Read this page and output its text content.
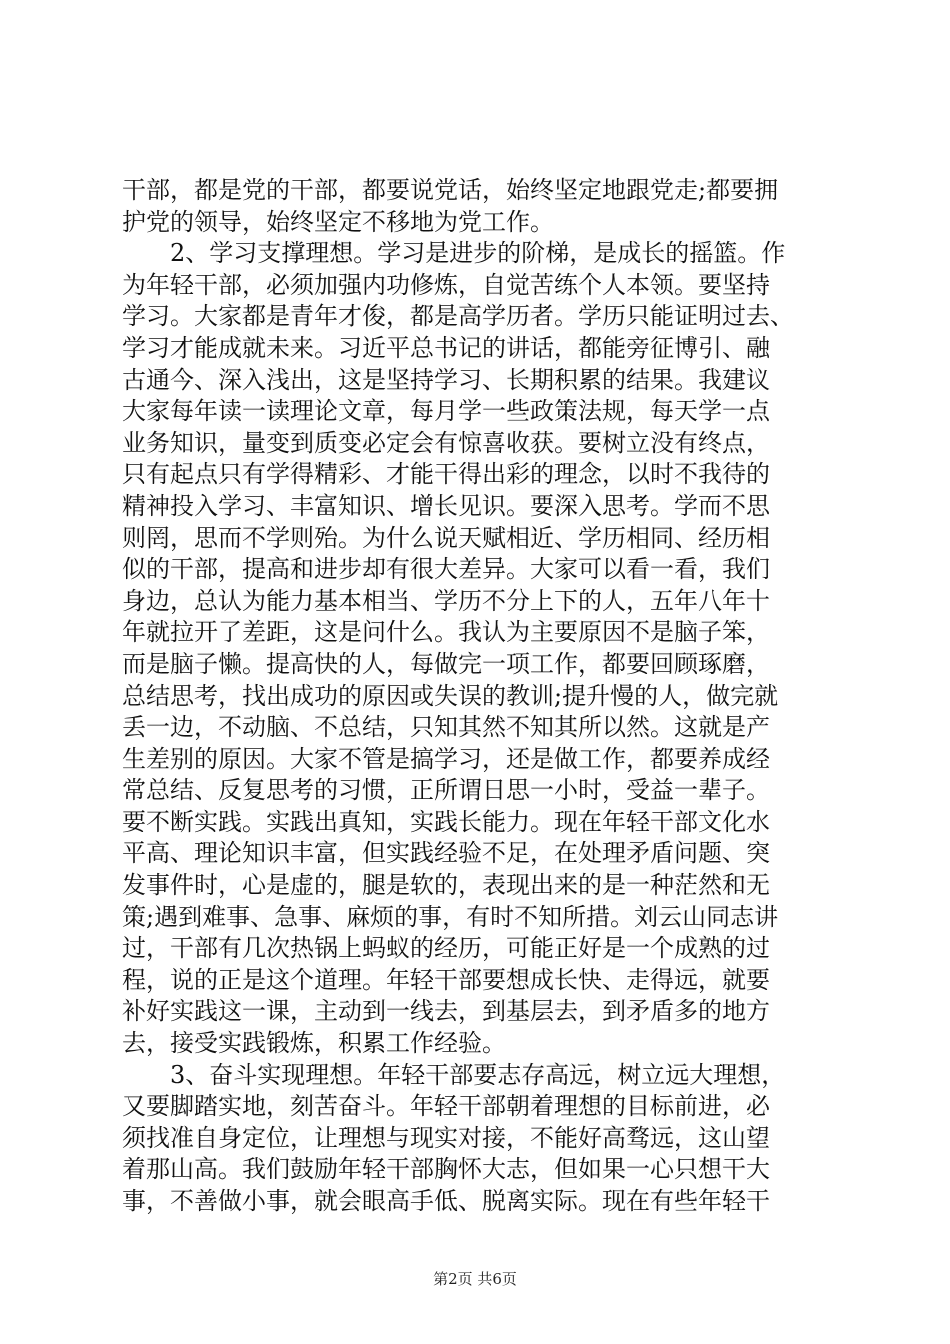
干部，都是党的干部，都要说党话，始终坚定地跟党走;都要拥
护党的领导，始终坚定不移地为党工作。
2、学习支撑理想。学习是进步的阶梯，是成长的摇篮。作
为年轻干部，必须加强内功修炼，自觉苦练个人本领。要坚持
学习。大家都是青年才俊，都是高学历者。学历只能证明过去、
学习才能成就未来。习近平总书记的讲话，都能旁征博引、融
古通今、深入浅出，这是坚持学习、长期积累的结果。我建议
大家每年读一读理论文章，每月学一些政策法规，每天学一点
业务知识，量变到质变必定会有惊喜收获。要树立没有终点，
只有起点只有学得精彩、才能干得出彩的理念，以时不我待的
精神投入学习、丰富知识、增长见识。要深入思考。学而不思
则罔，思而不学则殆。为什么说天赋相近、学历相同、经历相
似的干部，提高和进步却有很大差异。大家可以看一看，我们
身边，总认为能力基本相当、学历不分上下的人，五年八年十
年就拉开了差距，这是问什么。我认为主要原因不是脑子笨，
而是脑子懒。提高快的人，每做完一项工作，都要回顾琢磨，
总结思考，找出成功的原因或失误的教训;提升慢的人，做完就
丢一边，不动脑、不总结，只知其然不知其所以然。这就是产
生差别的原因。大家不管是搞学习，还是做工作，都要养成经
常总结、反复思考的习惯，正所谓日思一小时，受益一辈子。
要不断实践。实践出真知，实践长能力。现在年轻干部文化水
平高、理论知识丰富，但实践经验不足，在处理矛盾问题、突
发事件时，心是虚的，腿是软的，表现出来的是一种茫然和无
策;遇到难事、急事、麻烦的事，有时不知所措。刘云山同志讲
过，干部有几次热锅上蚂蚁的经历，可能正好是一个成熟的过
程，说的正是这个道理。年轻干部要想成长快、走得远，就要
补好实践这一课，主动到一线去，到基层去，到矛盾多的地方
去，接受实践锻炼，积累工作经验。
3、奋斗实现理想。年轻干部要志存高远，树立远大理想，
又要脚踏实地，刻苦奋斗。年轻干部朝着理想的目标前进，必
须找准自身定位，让理想与现实对接，不能好高骛远，这山望
着那山高。我们鼓励年轻干部胸怀大志，但如果一心只想干大
事，不善做小事，就会眼高手低、脱离实际。现在有些年轻干
第2页 共6页
